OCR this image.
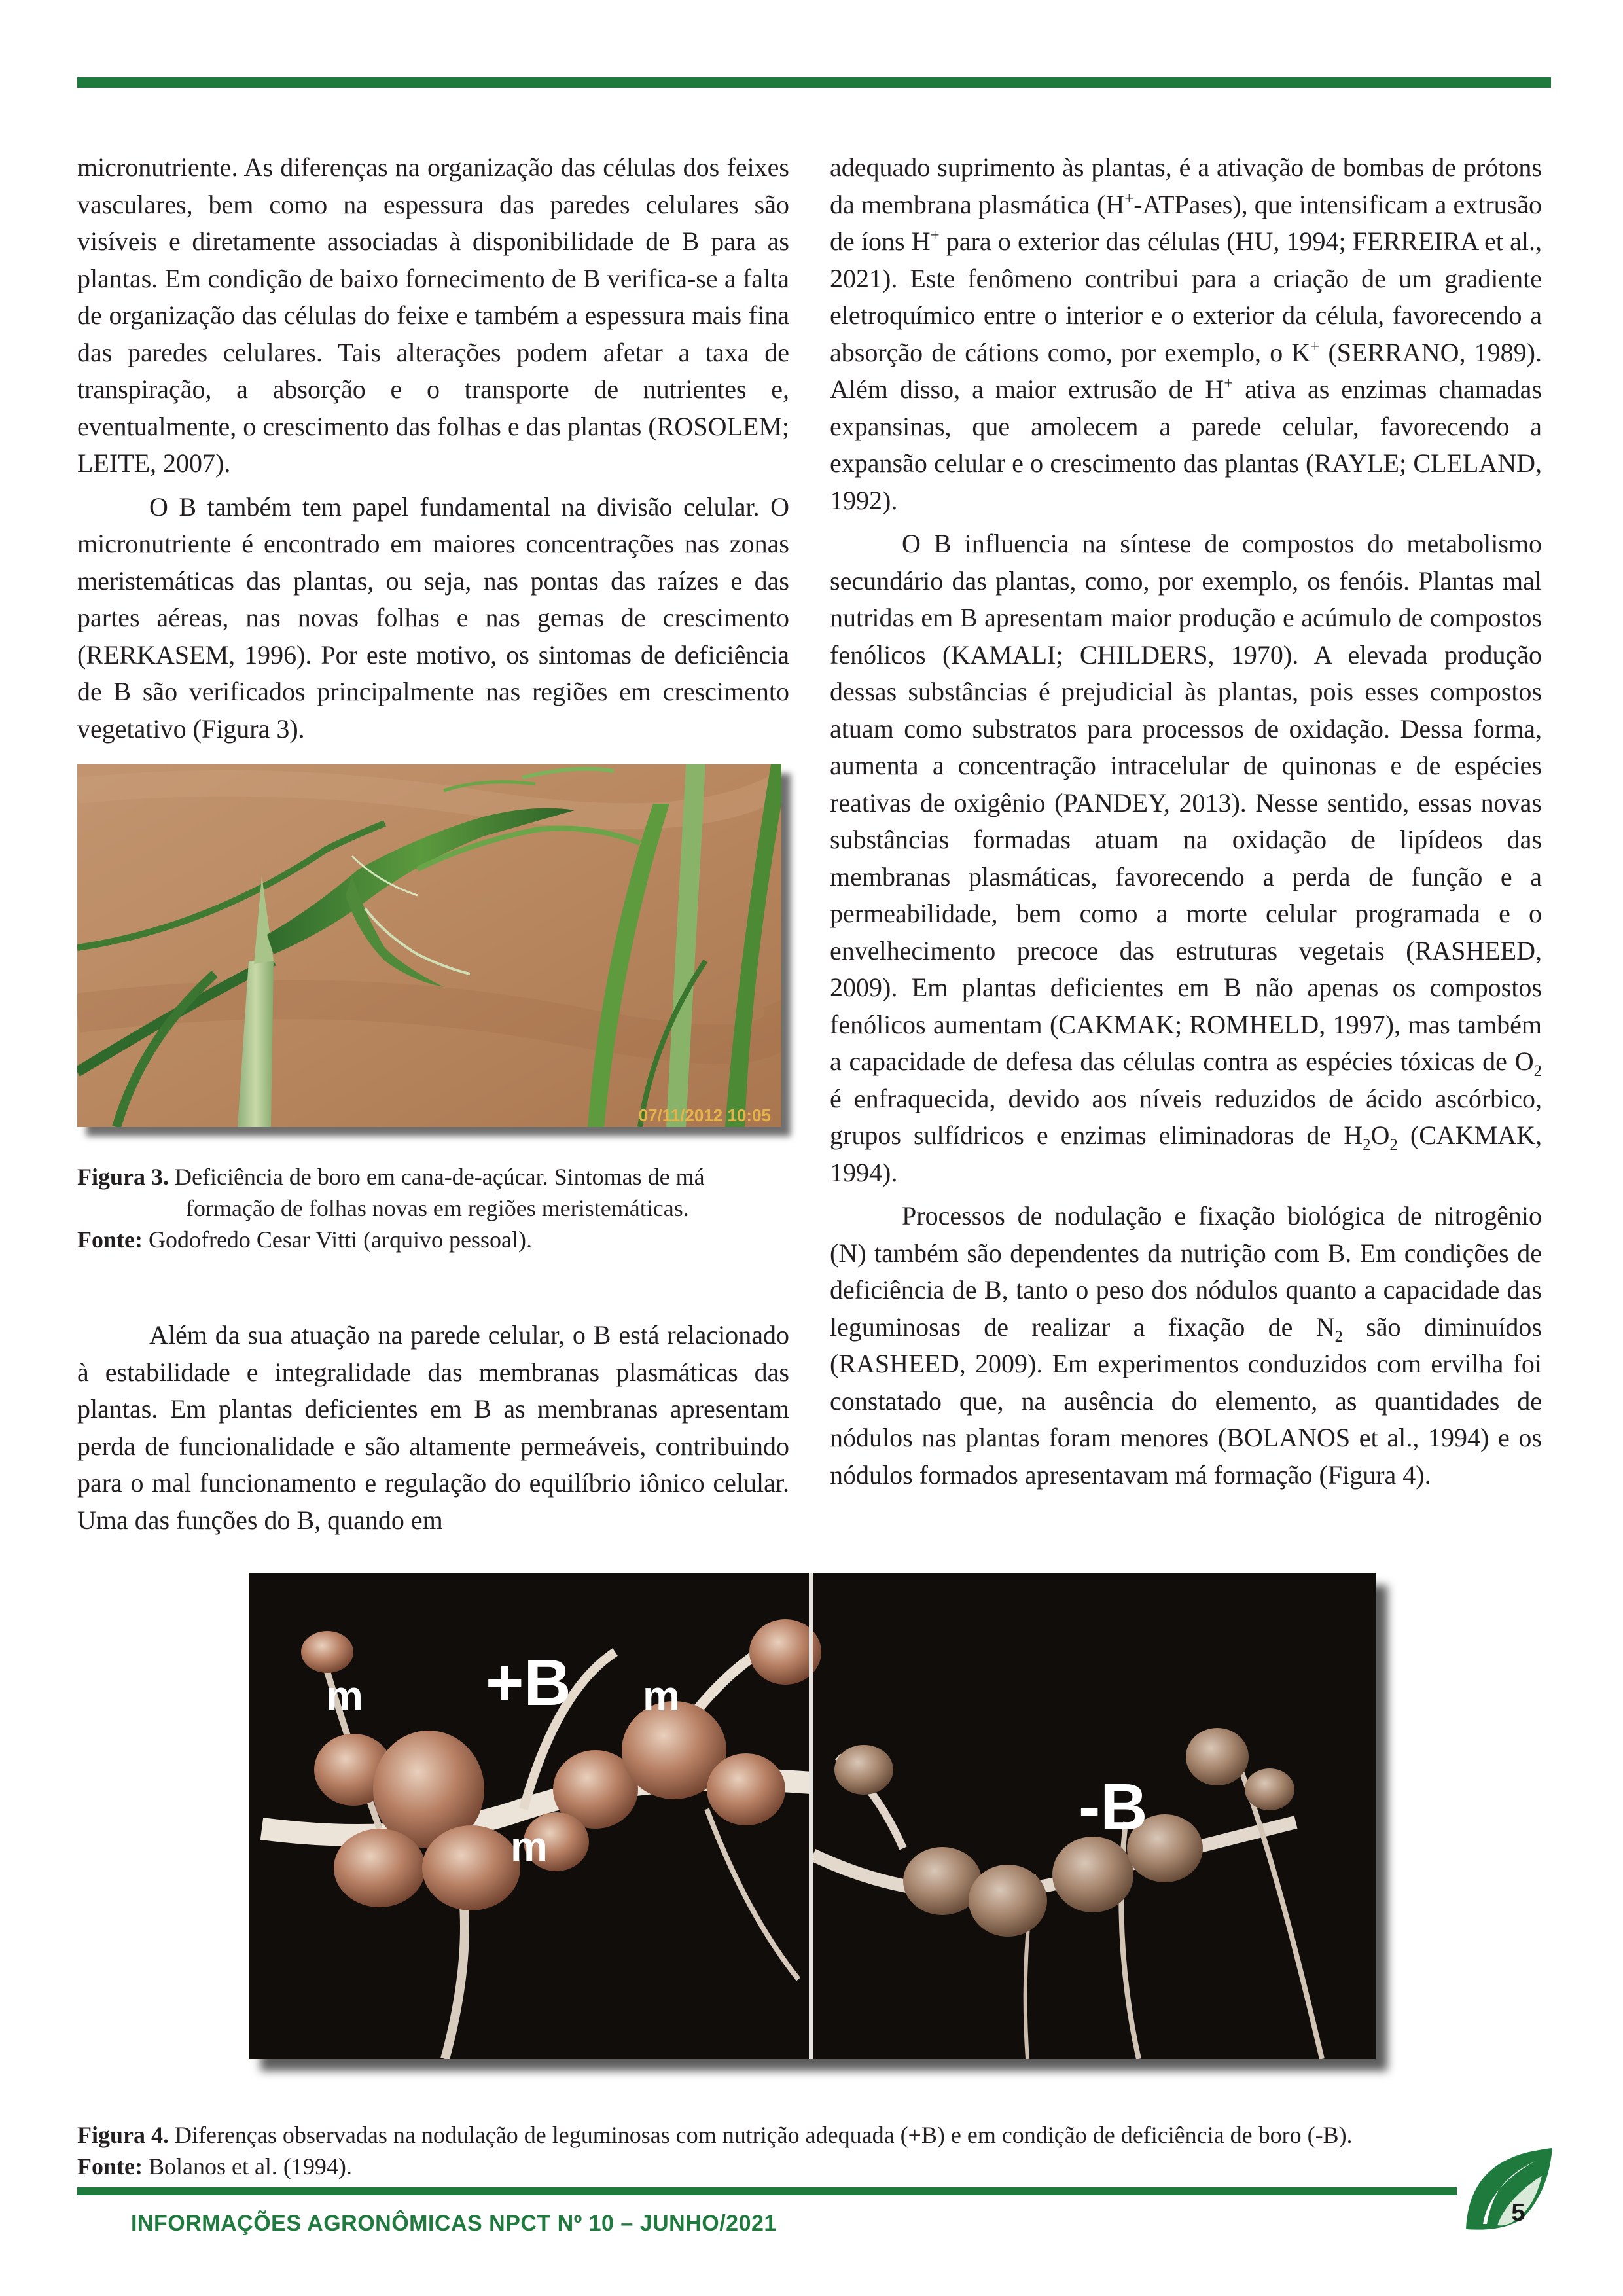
micronutriente. As diferenças na organização das células dos feixes vasculares, bem como na espessura das paredes celulares são visíveis e diretamente associadas à disponibilidade de B para as plantas. Em condição de baixo fornecimento de B verifica-se a falta de organização das células do feixe e também a espessura mais fina das paredes celulares. Tais alterações podem afetar a taxa de transpiração, a absorção e o transporte de nutrientes e, eventualmente, o crescimento das folhas e das plantas (ROSOLEM; LEITE, 2007).

O B também tem papel fundamental na divisão celular. O micronutriente é encontrado em maiores concentrações nas zonas meristemáticas das plantas, ou seja, nas pontas das raízes e das partes aéreas, nas novas folhas e nas gemas de crescimento (RERKASEM, 1996). Por este motivo, os sintomas de deficiência de B são verificados principalmente nas regiões em crescimento vegetativo (Figura 3).

07/11/2012 10:05
Figura 3. Deficiência de boro em cana-de-açúcar. Sintomas de má
formação de folhas novas em regiões meristemáticas.
Fonte: Godofredo Cesar Vitti (arquivo pessoal).

Além da sua atuação na parede celular, o B está relacionado à estabilidade e integralidade das membranas plasmáticas das plantas. Em plantas deficientes em B as membranas apresentam perda de funcionalidade e são altamente permeáveis, contribuindo para o mal funcionamento e regulação do equilíbrio iônico celular. Uma das funções do B, quando em

adequado suprimento às plantas, é a ativação de bombas de prótons da membrana plasmática (H+-ATPases), que intensificam a extrusão de íons H+ para o exterior das células (HU, 1994; FERREIRA et al., 2021). Este fenômeno contribui para a criação de um gradiente eletroquímico entre o interior e o exterior da célula, favorecendo a absorção de cátions como, por exemplo, o K+ (SERRANO, 1989). Além disso, a maior extrusão de H+ ativa as enzimas chamadas expansinas, que amolecem a parede celular, favorecendo a expansão celular e o crescimento das plantas (RAYLE; CLELAND, 1992).

O B influencia na síntese de compostos do metabolismo secundário das plantas, como, por exemplo, os fenóis. Plantas mal nutridas em B apresentam maior produção e acúmulo de compostos fenólicos (KAMALI; CHILDERS, 1970). A elevada produção dessas substâncias é prejudicial às plantas, pois esses compostos atuam como substratos para processos de oxidação. Dessa forma, aumenta a concentração intracelular de quinonas e de espécies reativas de oxigênio (PANDEY, 2013). Nesse sentido, essas novas substâncias formadas atuam na oxidação de lipídeos das membranas plasmáticas, favorecendo a perda de função e a permeabilidade, bem como a morte celular programada e o envelhecimento precoce das estruturas vegetais (RASHEED, 2009). Em plantas deficientes em B não apenas os compostos fenólicos aumentam (CAKMAK; ROMHELD, 1997), mas também a capacidade de defesa das células contra as espécies tóxicas de $O_2$ é enfraquecida, devido aos níveis reduzidos de ácido ascórbico, grupos sulfídricos e enzimas eliminadoras de $H_2O_2$ (CAKMAK, 1994).

Processos de nodulação e fixação biológica de nitrogênio (N) também são dependentes da nutrição com B. Em condições de deficiência de B, tanto o peso dos nódulos quanto a capacidade das leguminosas de realizar a fixação de $N_2$ são diminuídos (RASHEED, 2009). Em experimentos conduzidos com ervilha foi constatado que, na ausência do elemento, as quantidades de nódulos nas plantas foram menores (BOLANOS et al., 1994) e os nódulos formados apresentavam má formação (Figura 4).

+B
-B
m	m
m
Figura 4. Diferenças observadas na nodulação de leguminosas com nutrição adequada (+B) e em condição de deficiência de boro (-B).
Fonte: Bolanos et al. (1994).
INFORMAÇÕES AGRONÔMICAS NPCT Nº 10 – JUNHO/2021	5
